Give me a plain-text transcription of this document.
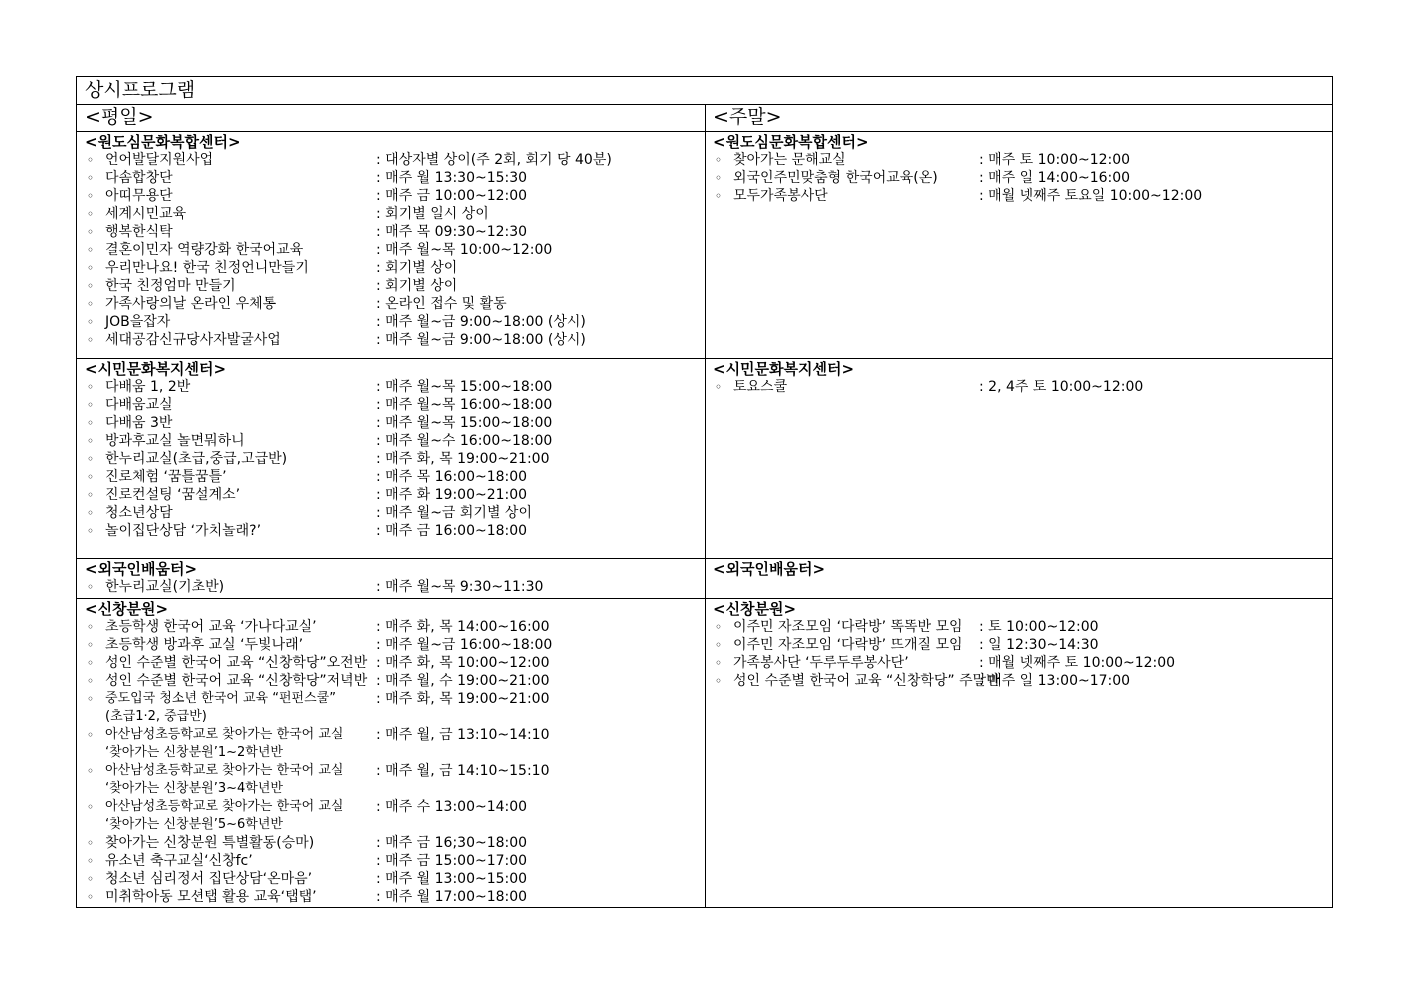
상시프로그램
<평일>	<주말>
<원도심문화복합센터>
◦ 언어발달지원사업	: 대상자별 상이(주 2회, 회기 당 40분)
◦ 다솜합창단	: 매주 월 13:30~15:30
◦ 아띠무용단	: 매주 금 10:00~12:00
◦ 세계시민교육	: 회기별 일시 상이
◦ 행복한식탁	: 매주 목 09:30~12:30
◦ 결혼이민자 역량강화 한국어교육	: 매주 월~목 10:00~12:00
◦ 우리만나요! 한국 친정언니만들기	: 회기별 상이
◦ 한국 친정엄마 만들기	: 회기별 상이
◦ 가족사랑의날 온라인 우체통	: 온라인 접수 및 활동
◦ JOB을잡자	: 매주 월~금 9:00~18:00 (상시)
◦ 세대공감신규당사자발굴사업	: 매주 월~금 9:00~18:00 (상시)
<시민문화복지센터>
◦ 다배움 1, 2반	: 매주 월~목 15:00~18:00
◦ 다배움교실	: 매주 월~목 16:00~18:00
◦ 다배움 3반	: 매주 월~목 15:00~18:00
◦ 방과후교실 놀면뭐하니	: 매주 월~수 16:00~18:00
◦ 한누리교실(초급,중급,고급반)	: 매주 화, 목 19:00~21:00
◦ 진로체험 ‘꿈틀꿈틀’	: 매주 목 16:00~18:00
◦ 진로컨설팅 ‘꿈설계소’	: 매주 화 19:00~21:00
◦ 청소년상담	: 매주 월~금 회기별 상이
◦ 놀이집단상담 ‘가치놀래?’	: 매주 금 16:00~18:00
<외국인배움터>
◦ 한누리교실(기초반)	: 매주 월~목 9:30~11:30
<신창분원>
◦ 초등학생 한국어 교육 ‘가나다교실’	: 매주 화, 목 14:00~16:00
◦ 초등학생 방과후 교실 ‘두빛나래’	: 매주 월~금 16:00~18:00
◦ 성인 수준별 한국어 교육 “신창학당”오전반 : 매주 화, 목 10:00~12:00
◦ 성인 수준별 한국어 교육 “신창학당”저녁반 : 매주 월, 수 19:00~21:00
◦ 중도입국 청소년 한국어 교육 “펀펀스쿨”
(초급1·2, 중급반)
: 매주 화, 목 19:00~21:00
◦ 아산남성초등학교로 찾아가는 한국어 교실
‘찾아가는 신창분원’1~2학년반
: 매주 월, 금 13:10~14:10
◦ 아산남성초등학교로 찾아가는 한국어 교실
‘찾아가는 신창분원’3~4학년반
: 매주 월, 금 14:10~15:10
◦ 아산남성초등학교로 찾아가는 한국어 교실
‘찾아가는 신창분원’5~6학년반
: 매주 수 13:00~14:00
◦ 찾아가는 신창분원 특별활동(승마)	: 매주 금 16;30~18:00
◦ 유소년 축구교실‘신창fc’	: 매주 금 15:00~17:00
◦ 청소년 심리정서 집단상담‘온마음’	: 매주 월 13:00~15:00
◦ 미취학아동 모션탭 활용 교육‘탭탭’	: 매주 월 17:00~18:00
<원도심문화복합센터>
◦ 찾아가는 문해교실	: 매주 토 10:00~12:00
◦ 외국인주민맞춤형 한국어교육(온)	: 매주 일 14:00~16:00
◦ 모두가족봉사단	: 매월 넷째주 토요일 10:00~12:00
<시민문화복지센터>
◦ 토요스쿨	: 2, 4주 토 10:00~12:00
<외국인배움터>
<신창분원>
◦ 이주민 자조모임 ‘다락방’ 똑똑반 모임 : 토 10:00~12:00
◦ 이주민 자조모임 ‘다락방’ 뜨개질 모임 : 일 12:30~14:30
◦ 가족봉사단 ‘두루두루봉사단’	: 매월 넷째주 토 10:00~12:00
◦ 성인 수준별 한국어 교육 “신창학당” 주말반
: 매주 일 13:00~17:00
